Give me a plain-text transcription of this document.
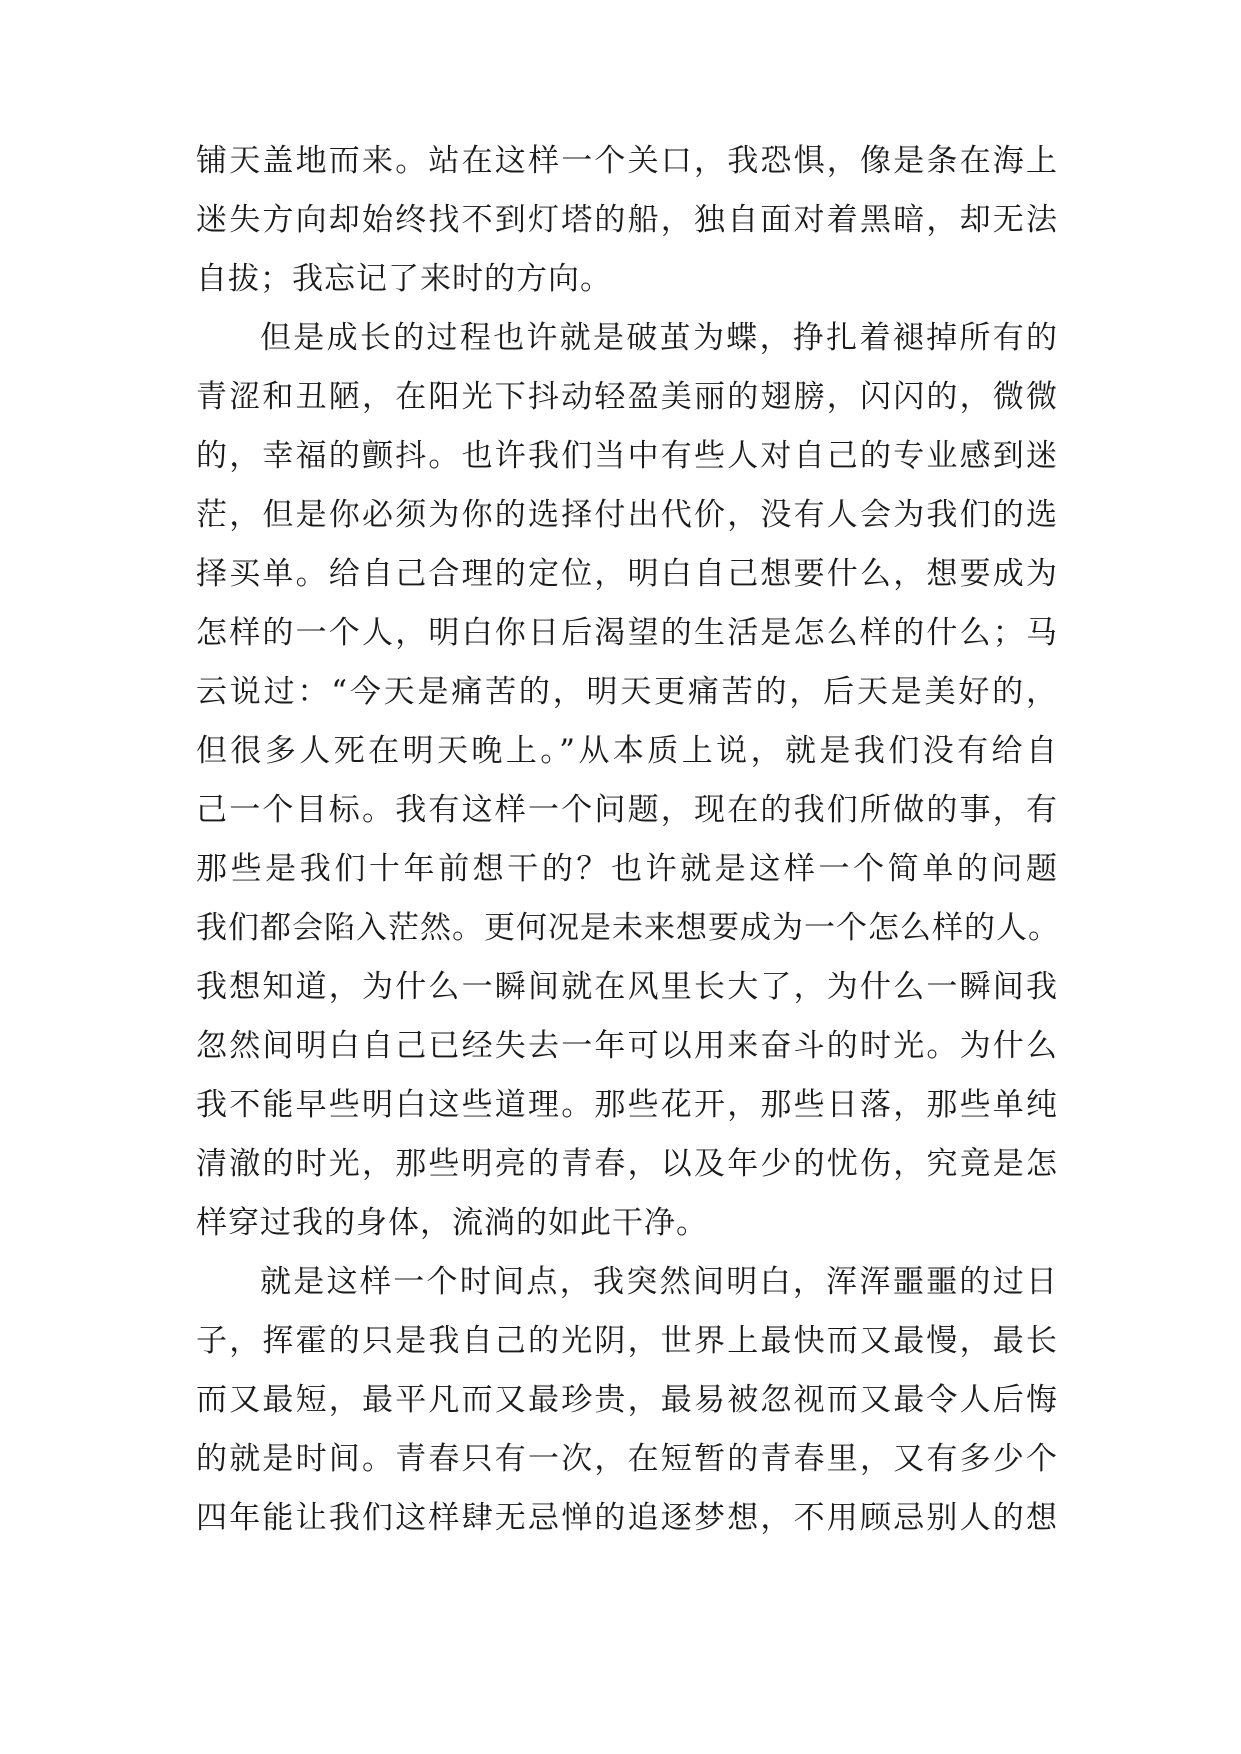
铺天盖地而来。站在这样一个关口，我恐惧，像是条在海上
迷失方向却始终找不到灯塔的船，独自面对着黑暗，却无法
自拔；我忘记了来时的方向。
但是成长的过程也许就是破茧为蝶，挣扎着褪掉所有的
青涩和丑陋，在阳光下抖动轻盈美丽的翅膀，闪闪的，微微
的，幸福的颤抖。也许我们当中有些人对自己的专业感到迷
茫，但是你必须为你的选择付出代价，没有人会为我们的选
择买单。给自己合理的定位，明白自己想要什么，想要成为
怎样的一个人，明白你日后渴望的生活是怎么样的什么；马
云说过：“今天是痛苦的，明天更痛苦的，后天是美好的，
但很多人死在明天晚上。”从本质上说，就是我们没有给自
己一个目标。我有这样一个问题，现在的我们所做的事，有
那些是我们十年前想干的？也许就是这样一个简单的问题
我们都会陷入茫然。更何况是未来想要成为一个怎么样的人。
我想知道，为什么一瞬间就在风里长大了，为什么一瞬间我
忽然间明白自己已经失去一年可以用来奋斗的时光。为什么
我不能早些明白这些道理。那些花开，那些日落，那些单纯
清澈的时光，那些明亮的青春，以及年少的忧伤，究竟是怎
样穿过我的身体，流淌的如此干净。
就是这样一个时间点，我突然间明白，浑浑噩噩的过日
子，挥霍的只是我自己的光阴，世界上最快而又最慢，最长
而又最短，最平凡而又最珍贵，最易被忽视而又最令人后悔
的就是时间。青春只有一次，在短暂的青春里，又有多少个
四年能让我们这样肆无忌惮的追逐梦想，不用顾忌别人的想
